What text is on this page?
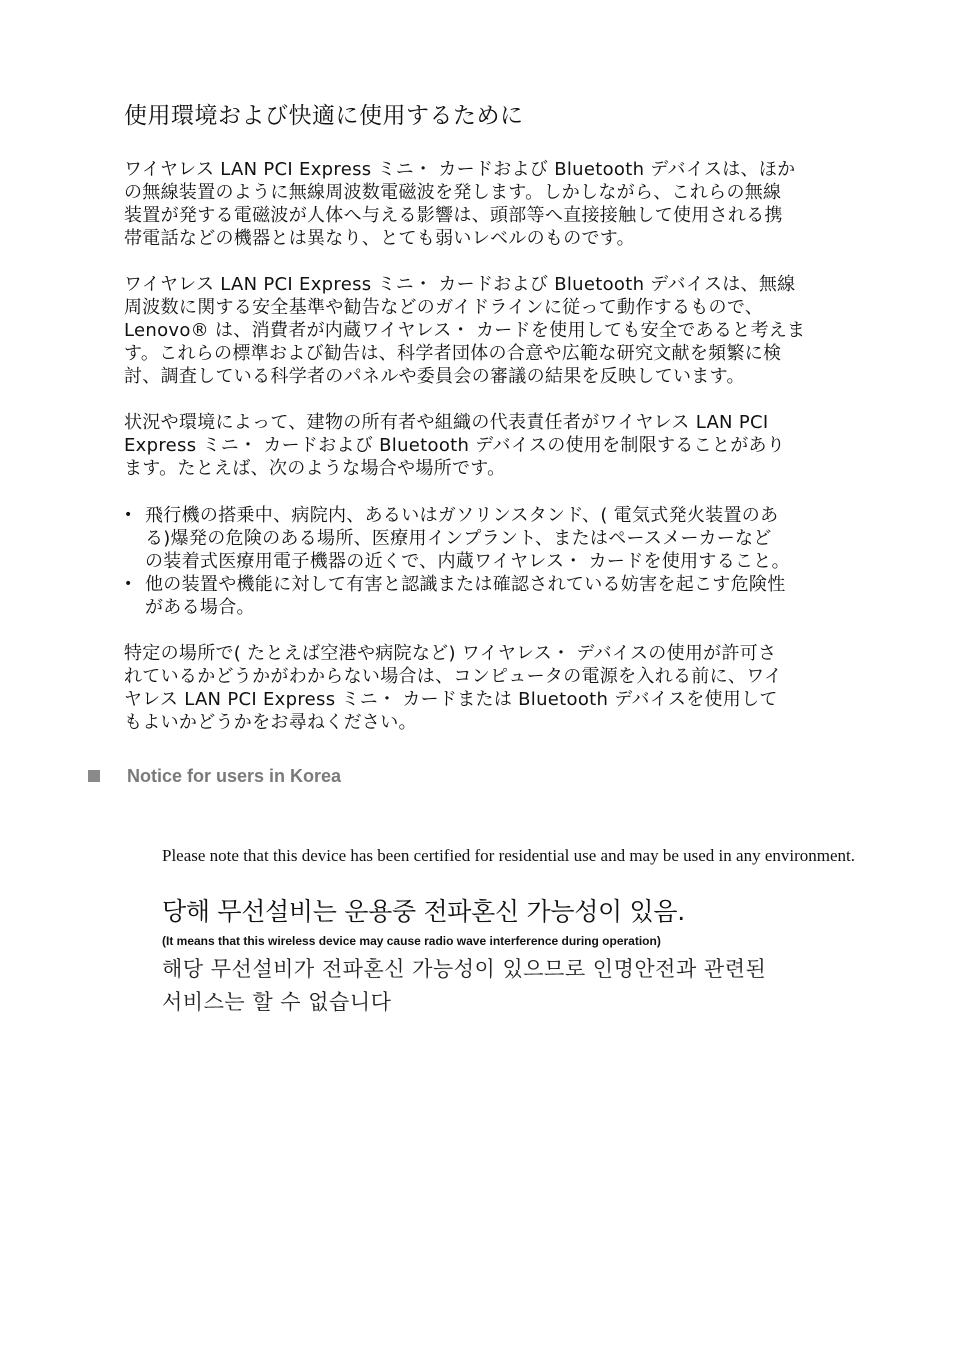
使用環境および快適に使用するために
ワイヤレス LAN PCI Express ミニ・ カードおよび Bluetooth デバイスは、ほか
の無線装置のように無線周波数電磁波を発します。しかしながら、これらの無線
装置が発する電磁波が人体へ与える影響は、頭部等へ直接接触して使用される携
帯電話などの機器とは異なり、とても弱いレベルのものです。
ワイヤレス LAN PCI Express ミニ・ カードおよび Bluetooth デバイスは、無線
周波数に関する安全基準や勧告などのガイドラインに従って動作するもので、
Lenovo® は、消費者が内蔵ワイヤレス・ カードを使用しても安全であると考えま
す。これらの標準および勧告は、科学者団体の合意や広範な研究文献を頻繁に検
討、調査している科学者のパネルや委員会の審議の結果を反映しています。
状況や環境によって、建物の所有者や組織の代表責任者がワイヤレス LAN PCI
Express ミニ・ カードおよび Bluetooth デバイスの使用を制限することがあり
ます。たとえば、次のような場合や場所です。
• 飛行機の搭乗中、病院内、あるいはガソリンスタンド、( 電気式発火装置のあ
る)爆発の危険のある場所、医療用インプラント、またはペースメーカーなど
の装着式医療用電子機器の近くで、内蔵ワイヤレス・ カードを使用すること。
• 他の装置や機能に対して有害と認識または確認されている妨害を起こす危険性
がある場合。
特定の場所で( たとえば空港や病院など) ワイヤレス・ デバイスの使用が許可さ
れているかどうかがわからない場合は、コンピュータの電源を入れる前に、ワイ
ヤレス LAN PCI Express ミニ・ カードまたは Bluetooth デバイスを使用して
もよいかどうかをお尋ねください。
Notice for users in Korea
Please note that this device has been certified for residential use and may be used in any environment.
당해 무선설비는 운용중 전파혼신 가능성이 있음.
(It means that this wireless device may cause radio wave interference during operation)
해당 무선설비가 전파혼신 가능성이 있으므로 인명안전과 관련된
서비스는 할 수 없습니다
